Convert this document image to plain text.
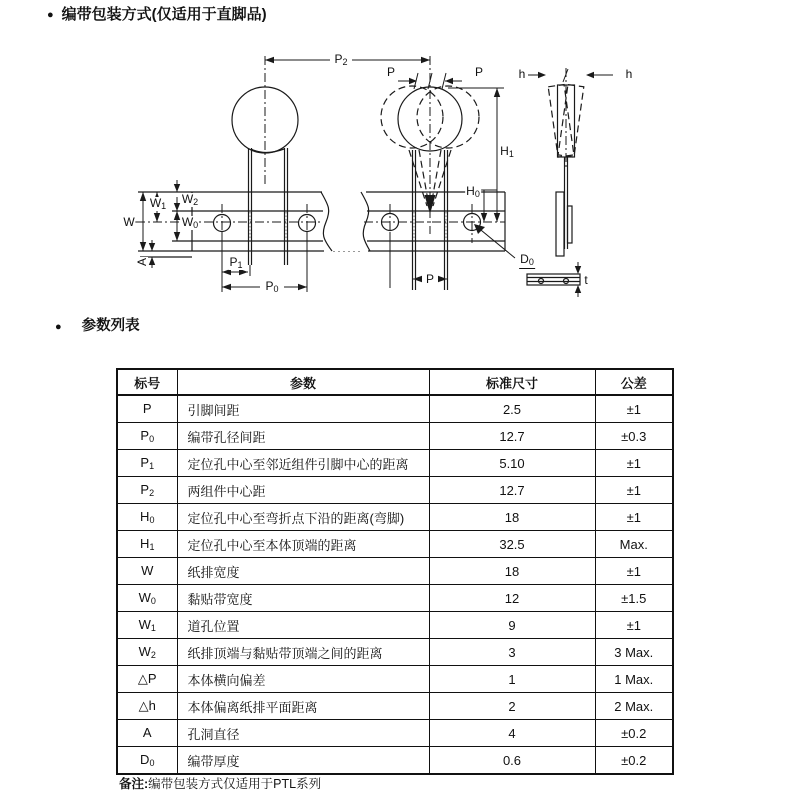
● 编带包装方式(仅适用于直脚品)
$P_2$
P	P	h	h
$H_1$
$H_0$
W
$W_1$ $W_2$
$W_0$
A	$P_1$
$P_0$
P
$D_0$
t
● 参数列表
标号	参数	标准尺寸	公差
P	引脚间距	2.5	±1
$P_0$	编带孔径间距	12.7	±0.3
$P_1$	定位孔中心至邻近组件引脚中心的距离	5.10	±1
$P_2$	两组件中心距	12.7	±1
$H_0$	定位孔中心至弯折点下沿的距离(弯脚)	18	±1
$H_1$	定位孔中心至本体顶端的距离	32.5	Max.
W	纸排宽度	18	±1
$W_0$	黏贴带宽度	12	±1.5
$W_1$	道孔位置	9	±1
$W_2$	纸排顶端与黏贴带顶端之间的距离	3	3 Max.
△P	本体横向偏差	1	1 Max.
△h	本体偏离纸排平面距离	2	2 Max.
A	孔洞直径	4	±0.2
$D_0$	编带厚度	0.6	±0.2
备注:编带包装方式仅适用于PTL系列
